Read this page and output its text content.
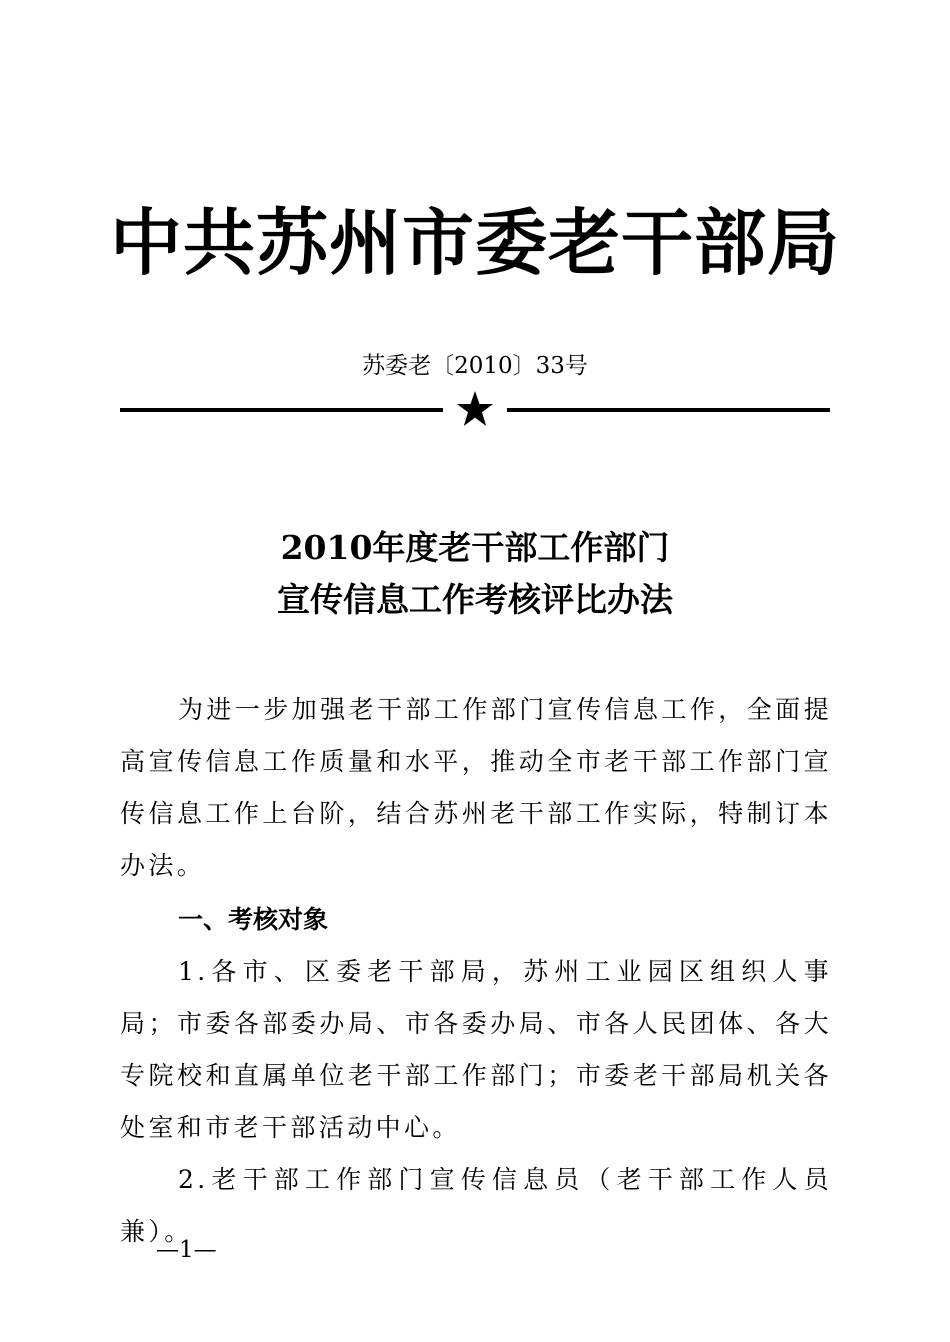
中共苏州市委老干部局
苏委老〔2010〕33号
2010年度老干部工作部门
宣传信息工作考核评比办法

为进一步加强老干部工作部门宣传信息工作，全面提高宣传信息工作质量和水平，推动全市老干部工作部门宣传信息工作上台阶，结合苏州老干部工作实际，特制订本办法。

一、考核对象

1.各市、区委老干部局，苏州工业园区组织人事局；市委各部委办局、市各委办局、市各人民团体、各大专院校和直属单位老干部工作部门；市委老干部局机关各处室和市老干部活动中心。

2.老干部工作部门宣传信息员（老干部工作人员兼）。

—1—
